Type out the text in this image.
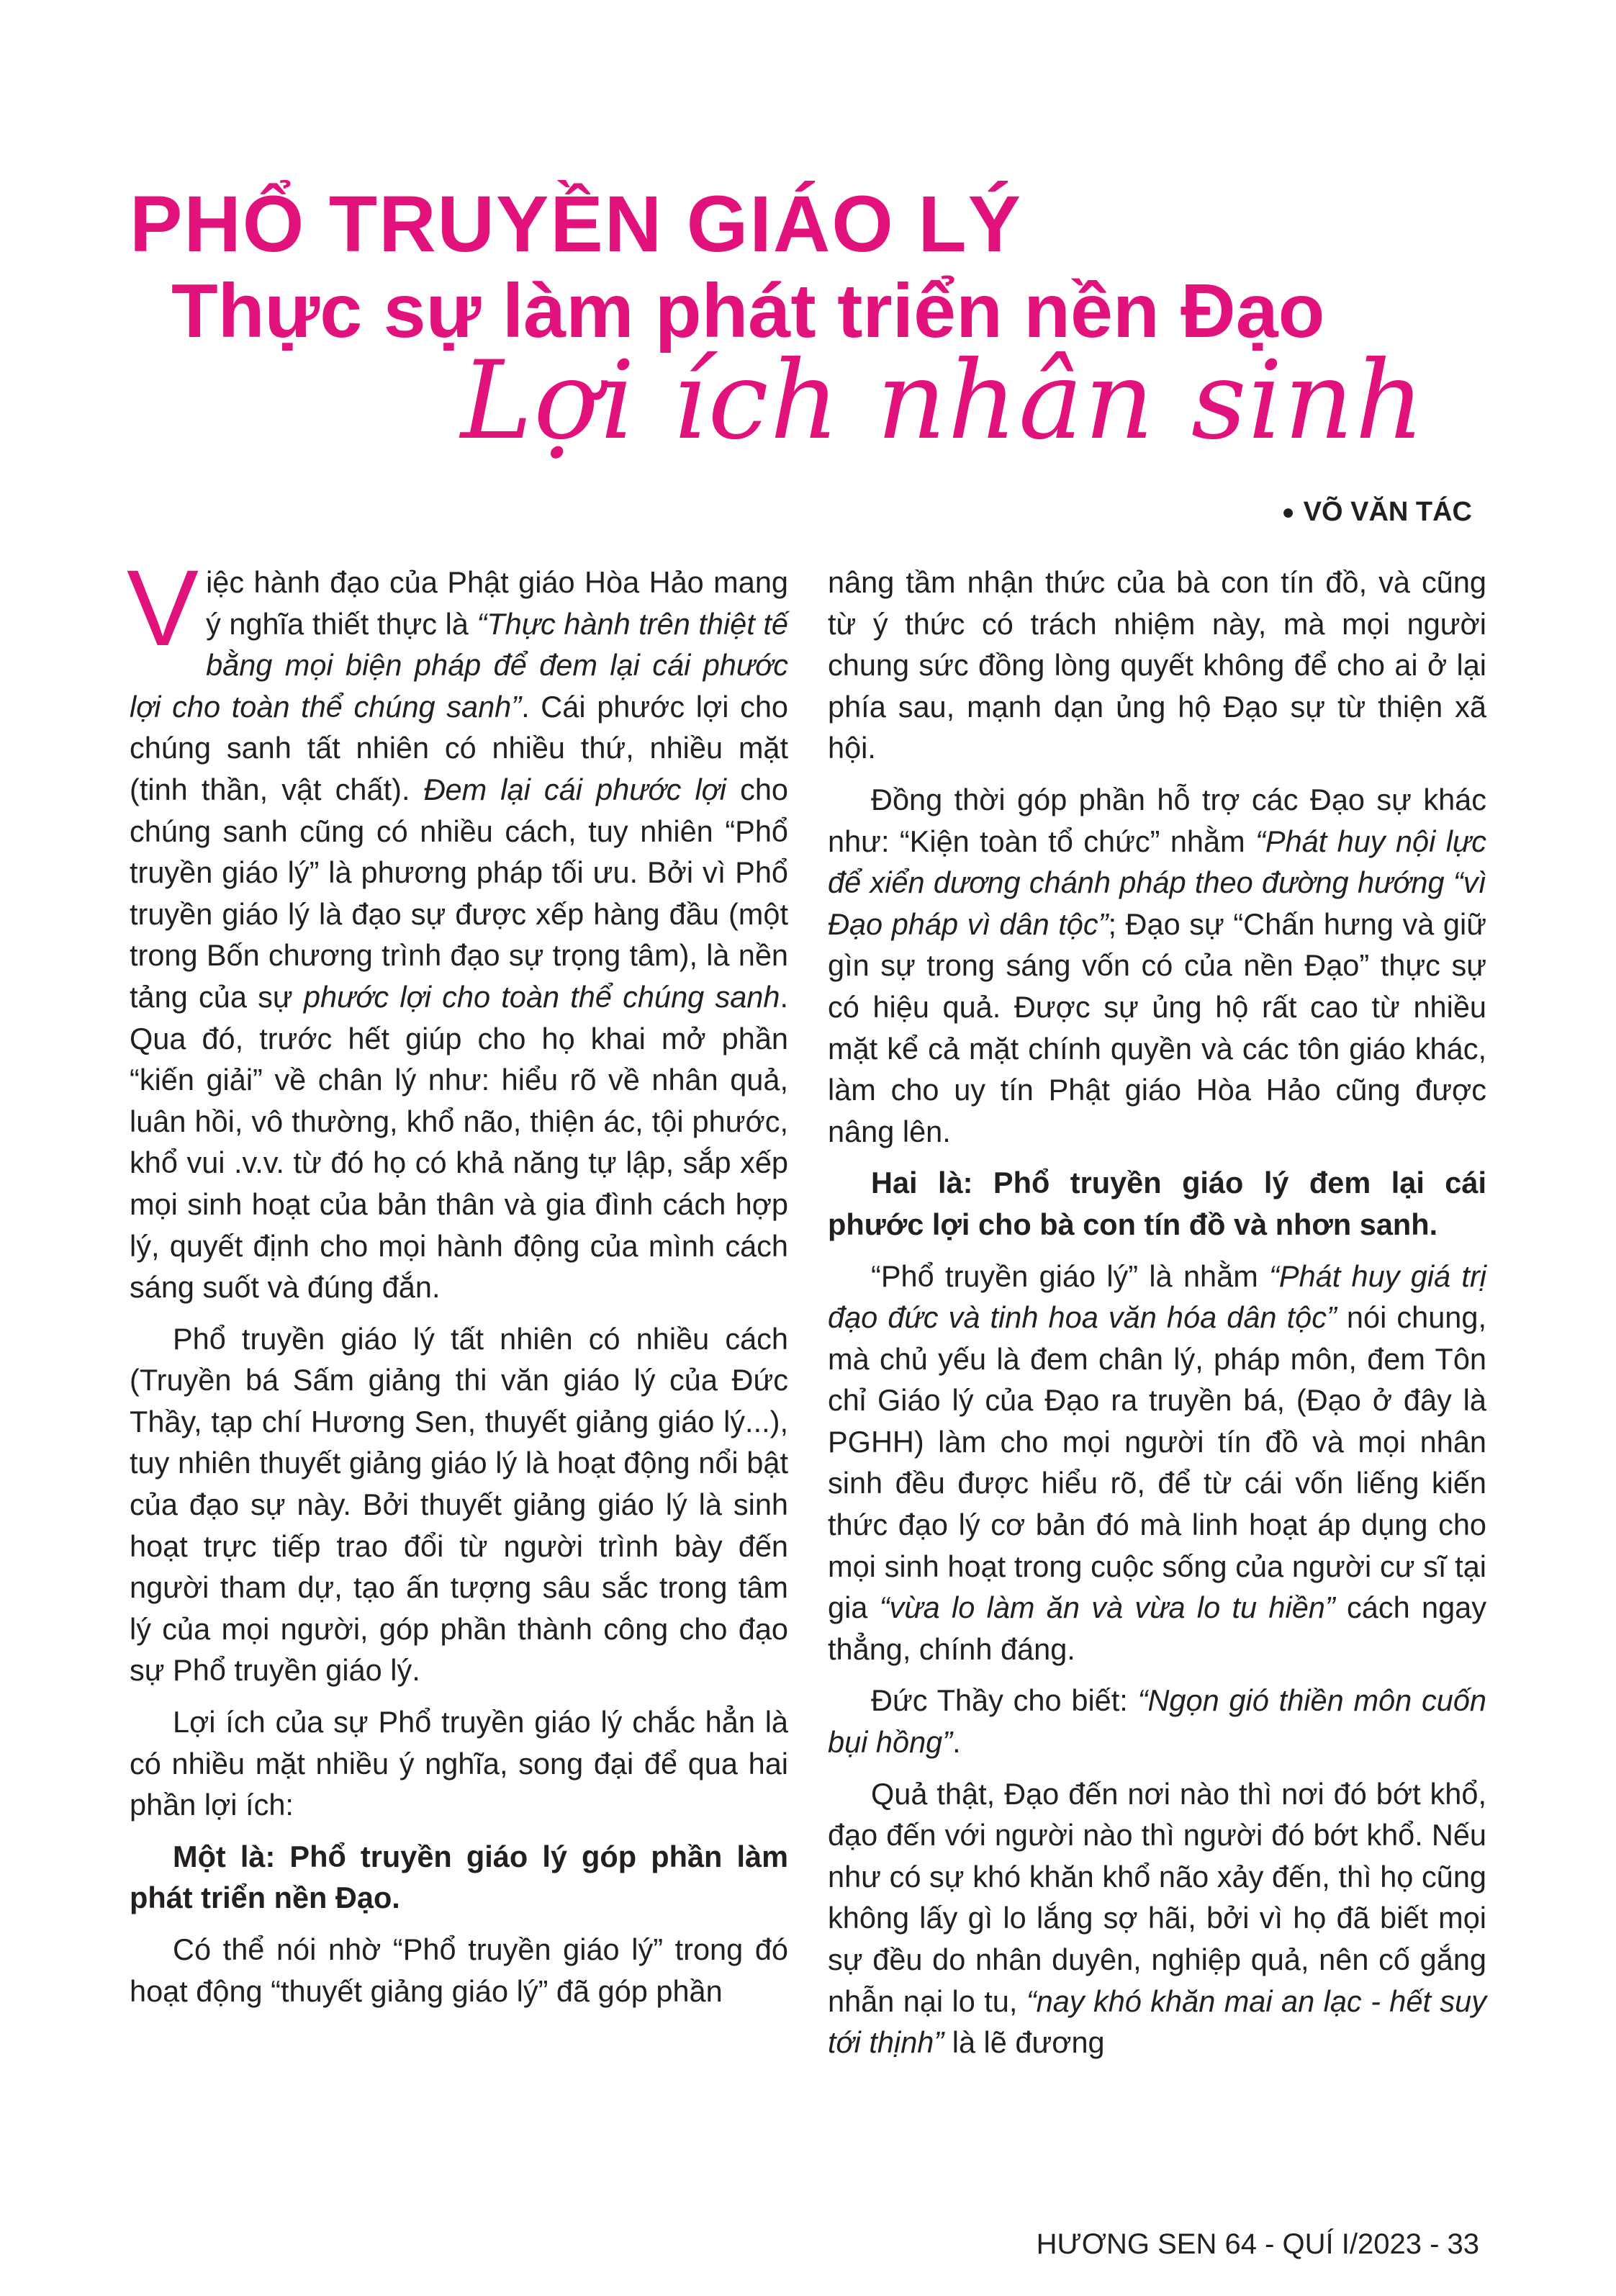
PHỔ TRUYỀN GIÁO LÝ
Thực sự làm phát triển nền Đạo
Lợi ích nhân sinh
● VÕ VĂN TÁC

Việc hành đạo của Phật giáo Hòa Hảo mang ý nghĩa thiết thực là “Thực hành trên thiệt tế bằng mọi biện pháp để đem lại cái phước lợi cho toàn thể chúng sanh”. Cái phước lợi cho chúng sanh tất nhiên có nhiều thứ, nhiều mặt (tinh thần, vật chất). Đem lại cái phước lợi cho chúng sanh cũng có nhiều cách, tuy nhiên “Phổ truyền giáo lý” là phương pháp tối ưu. Bởi vì Phổ truyền giáo lý là đạo sự được xếp hàng đầu (một trong Bốn chương trình đạo sự trọng tâm), là nền tảng của sự phước lợi cho toàn thể chúng sanh. Qua đó, trước hết giúp cho họ khai mở phần “kiến giải” về chân lý như: hiểu rõ về nhân quả, luân hồi, vô thường, khổ não, thiện ác, tội phước, khổ vui .v.v. từ đó họ có khả năng tự lập, sắp xếp mọi sinh hoạt của bản thân và gia đình cách hợp lý, quyết định cho mọi hành động của mình cách sáng suốt và đúng đắn.

Phổ truyền giáo lý tất nhiên có nhiều cách (Truyền bá Sấm giảng thi văn giáo lý của Đức Thầy, tạp chí Hương Sen, thuyết giảng giáo lý...), tuy nhiên thuyết giảng giáo lý là hoạt động nổi bật của đạo sự này. Bởi thuyết giảng giáo lý là sinh hoạt trực tiếp trao đổi từ người trình bày đến người tham dự, tạo ấn tượng sâu sắc trong tâm lý của mọi người, góp phần thành công cho đạo sự Phổ truyền giáo lý.

Lợi ích của sự Phổ truyền giáo lý chắc hẳn là có nhiều mặt nhiều ý nghĩa, song đại để qua hai phần lợi ích:

Một là: Phổ truyền giáo lý góp phần làm phát triển nền Đạo.

Có thể nói nhờ “Phổ truyền giáo lý” trong đó hoạt động “thuyết giảng giáo lý” đã góp phần

nâng tầm nhận thức của bà con tín đồ, và cũng từ ý thức có trách nhiệm này, mà mọi người chung sức đồng lòng quyết không để cho ai ở lại phía sau, mạnh dạn ủng hộ Đạo sự từ thiện xã hội.

Đồng thời góp phần hỗ trợ các Đạo sự khác như: “Kiện toàn tổ chức” nhằm “Phát huy nội lực để xiển dương chánh pháp theo đường hướng “vì Đạo pháp vì dân tộc”; Đạo sự “Chấn hưng và giữ gìn sự trong sáng vốn có của nền Đạo” thực sự có hiệu quả. Được sự ủng hộ rất cao từ nhiều mặt kể cả mặt chính quyền và các tôn giáo khác, làm cho uy tín Phật giáo Hòa Hảo cũng được nâng lên.

Hai là: Phổ truyền giáo lý đem lại cái phước lợi cho bà con tín đồ và nhơn sanh.

“Phổ truyền giáo lý” là nhằm “Phát huy giá trị đạo đức và tinh hoa văn hóa dân tộc” nói chung, mà chủ yếu là đem chân lý, pháp môn, đem Tôn chỉ Giáo lý của Đạo ra truyền bá, (Đạo ở đây là PGHH) làm cho mọi người tín đồ và mọi nhân sinh đều được hiểu rõ, để từ cái vốn liếng kiến thức đạo lý cơ bản đó mà linh hoạt áp dụng cho mọi sinh hoạt trong cuộc sống của người cư sĩ tại gia “vừa lo làm ăn và vừa lo tu hiền” cách ngay thẳng, chính đáng.

Đức Thầy cho biết: “Ngọn gió thiền môn cuốn bụi hồng”.

Quả thật, Đạo đến nơi nào thì nơi đó bớt khổ, đạo đến với người nào thì người đó bớt khổ. Nếu như có sự khó khăn khổ não xảy đến, thì họ cũng không lấy gì lo lắng sợ hãi, bởi vì họ đã biết mọi sự đều do nhân duyên, nghiệp quả, nên cố gắng nhẫn nại lo tu, “nay khó khăn mai an lạc - hết suy tới thịnh” là lẽ đương

HƯƠNG SEN 64 - QUÍ I/2023 - 33
